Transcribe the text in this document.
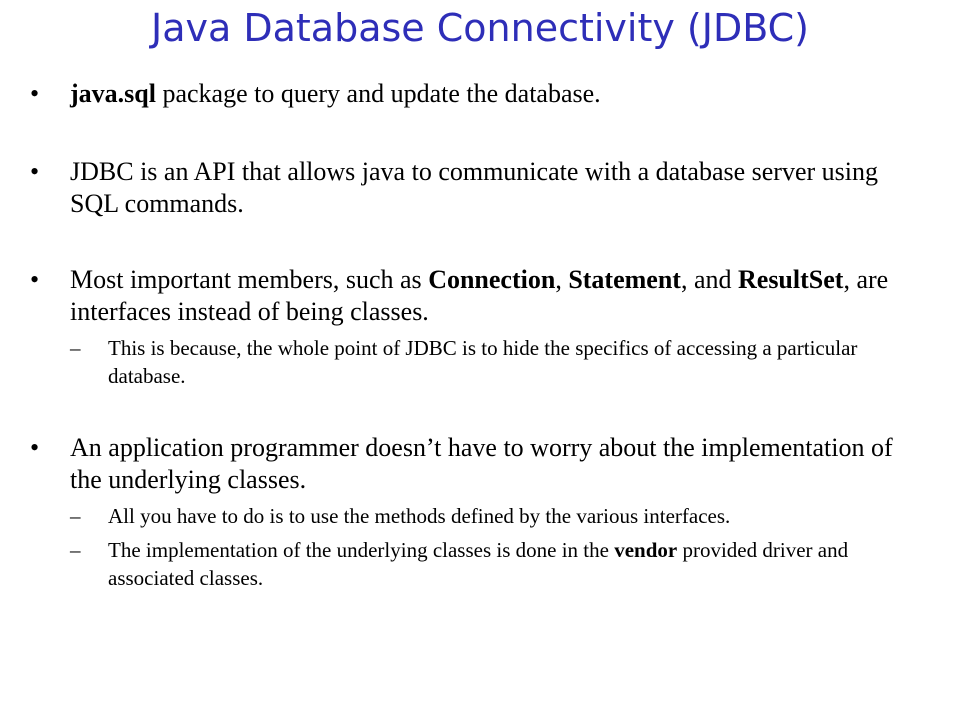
Java Database Connectivity (JDBC)
•	java.sql package to query and update the database.
•	JDBC is an API that allows java to communicate with a database server using SQL commands.
•	Most important members, such as Connection, Statement, and ResultSet, are interfaces instead of being classes.
– This is because, the whole point of JDBC is to hide the specifics of accessing a particular database.
•	An application programmer doesn’t have to worry about the implementation of the underlying classes.
– All you have to do is to use the methods defined by the various interfaces.
– The implementation of the underlying classes is done in the vendor provided driver and associated classes.
